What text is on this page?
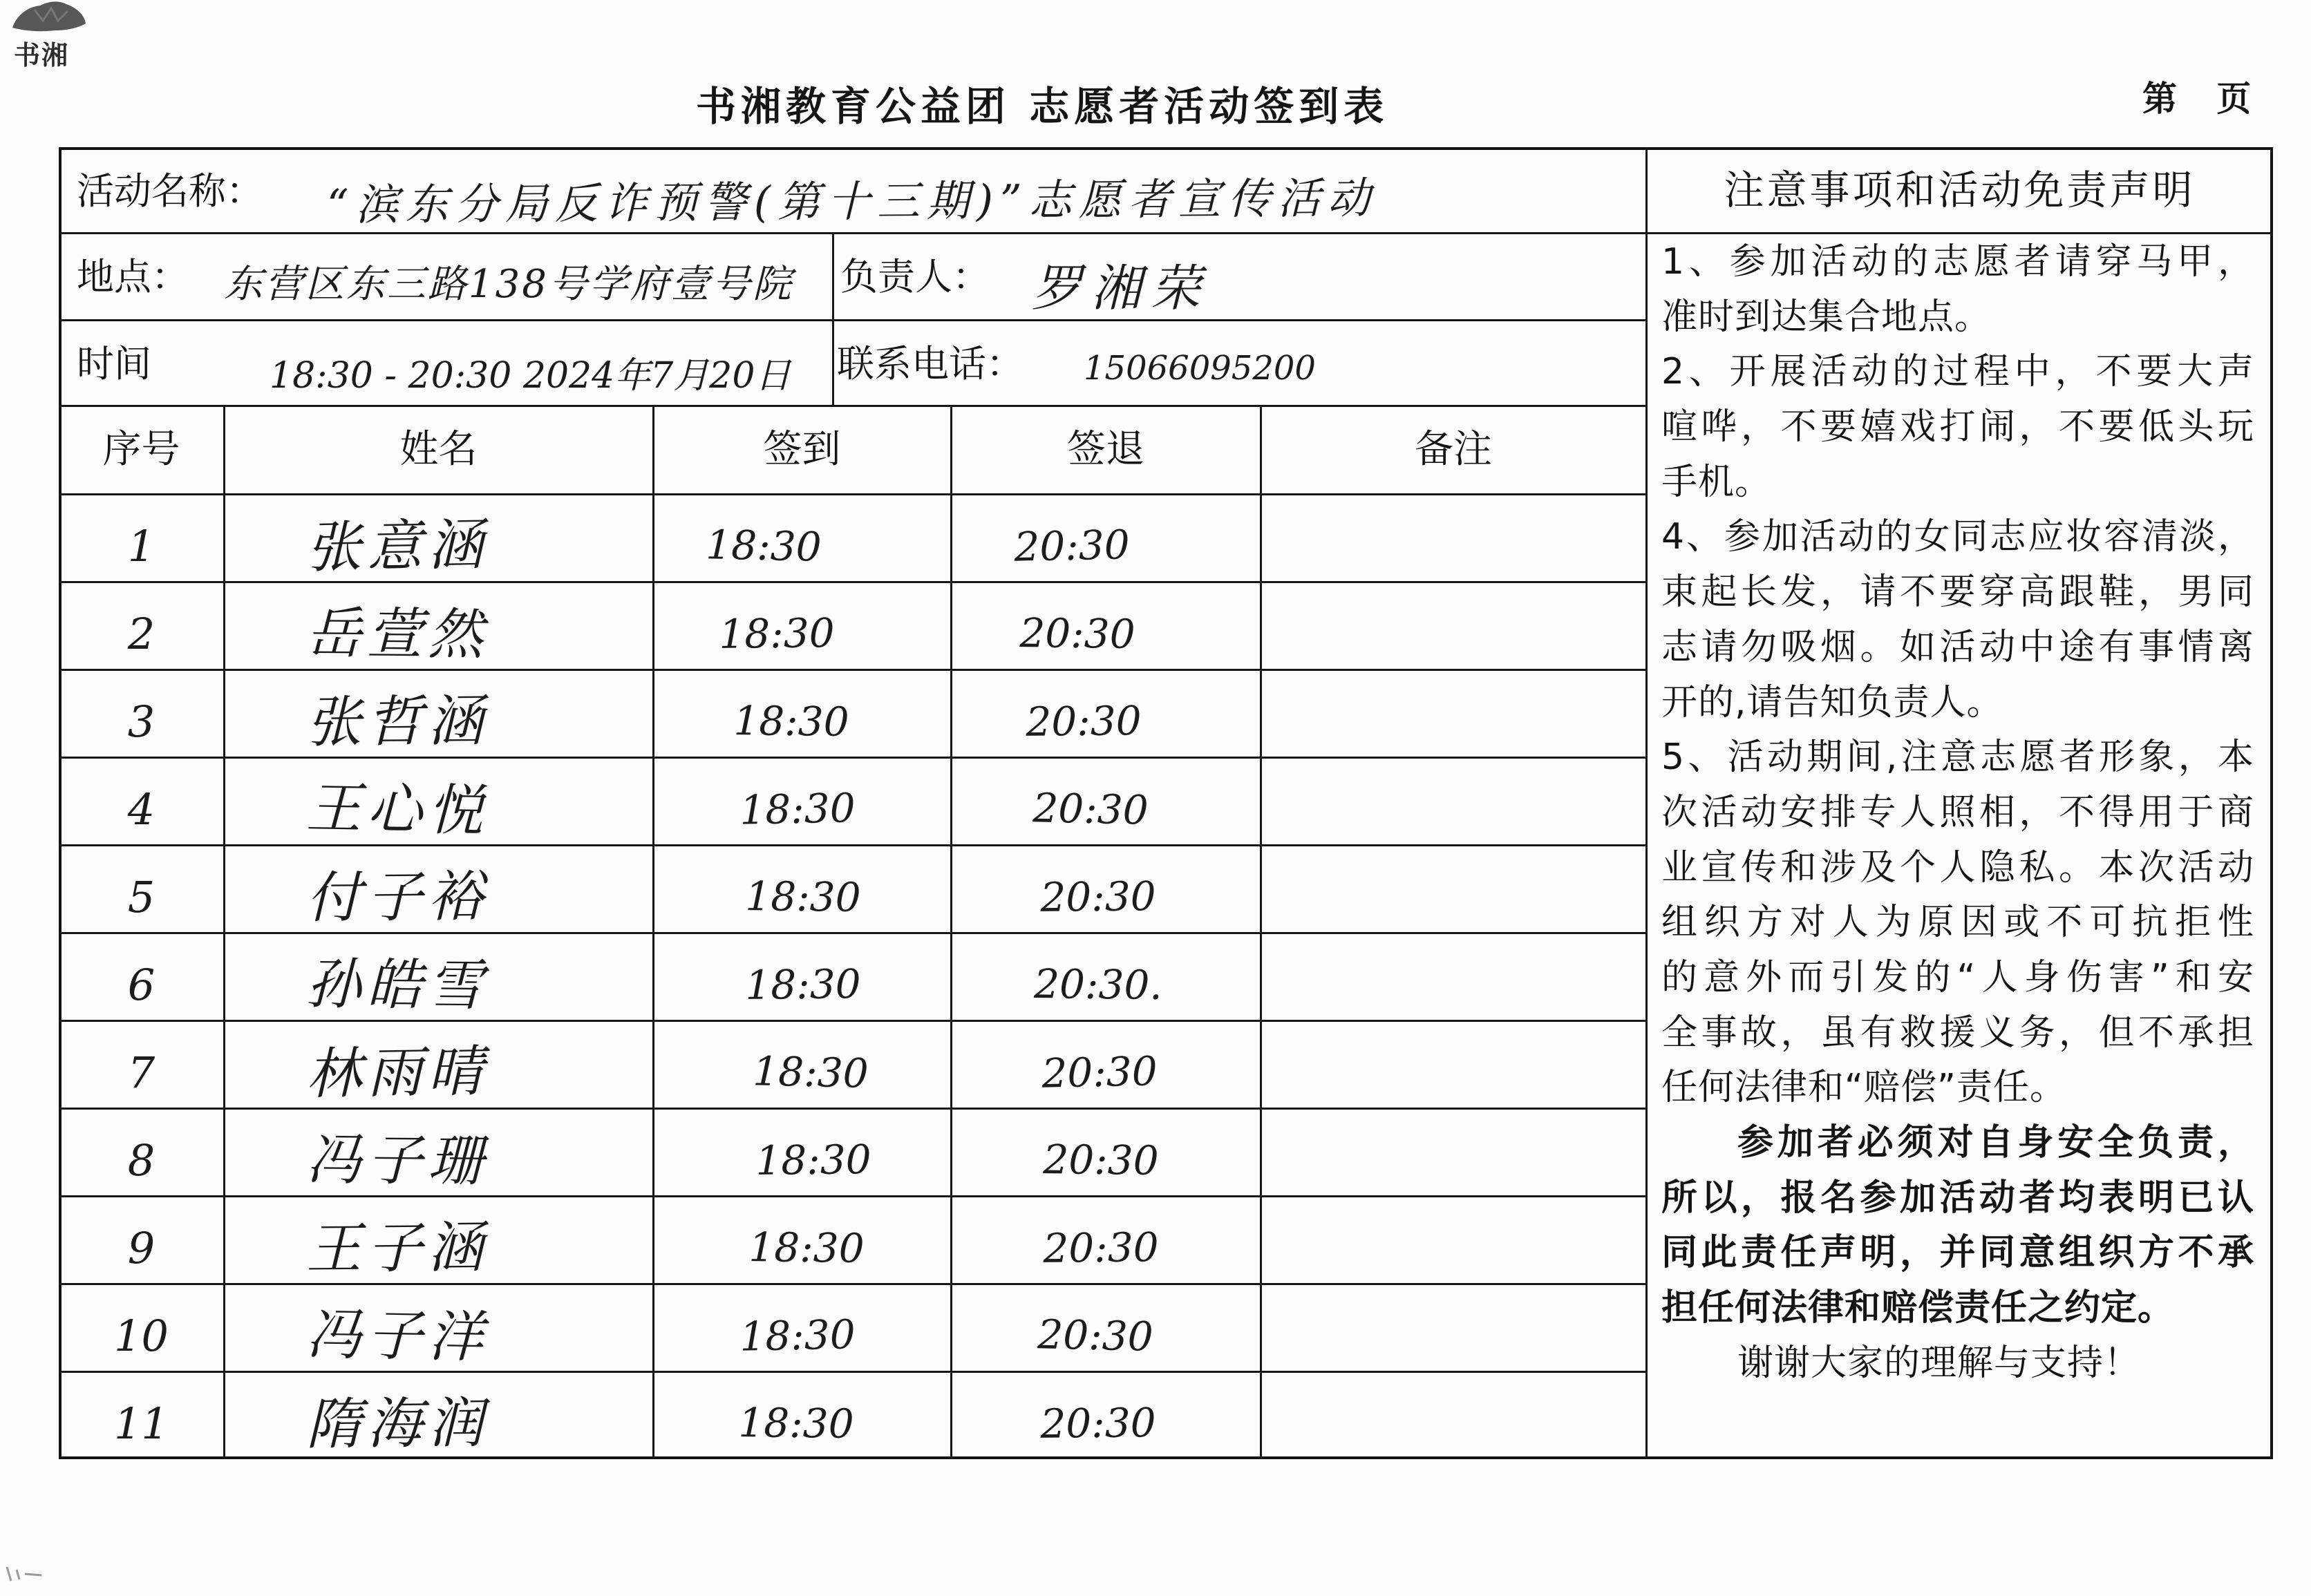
书湘
书湘教育公益团 志愿者活动签到表	第 页
活动名称： “滨东分局反诈预警(第十三期)”志愿者宣传活动
地点： 东营区东三路138号学府壹号院 负责人： 罗湘荣
时间	18:30 - 20:30 2024年7月20日 联系电话： 15066095200
序号	姓名	签到	签退	备注
1	张意涵	18:30	20:30
2	岳萱然	18:30	20:30
3	张哲涵	18:30	20:30
4	王心悦	18:30	20:30
5	付子裕	18:30	20:30
6	孙皓雪	18:30	20:30.
7	林雨晴	18:30	20:30
8	冯子珊	18:30	20:30
9	王子涵	18:30	20:30
10	冯子洋	18:30	20:30
11	隋海润	18:30	20:30
注意事项和活动免责声明
1、参加活动的志愿者请穿马甲，
准时到达集合地点。
2、开展活动的过程中，不要大声
喧哗，不要嬉戏打闹，不要低头玩
手机。
4、参加活动的女同志应妆容清淡，
束起长发，请不要穿高跟鞋，男同
志请勿吸烟。如活动中途有事情离
开的,请告知负责人。
5、活动期间,注意志愿者形象，本
次活动安排专人照相，不得用于商
业宣传和涉及个人隐私。本次活动
组织方对人为原因或不可抗拒性
的意外而引发的“人身伤害”和安
全事故，虽有救援义务，但不承担
任何法律和“赔偿”责任。
参加者必须对自身安全负责，
所以，报名参加活动者均表明已认
同此责任声明，并同意组织方不承
担任何法律和赔偿责任之约定。
谢谢大家的理解与支持！
